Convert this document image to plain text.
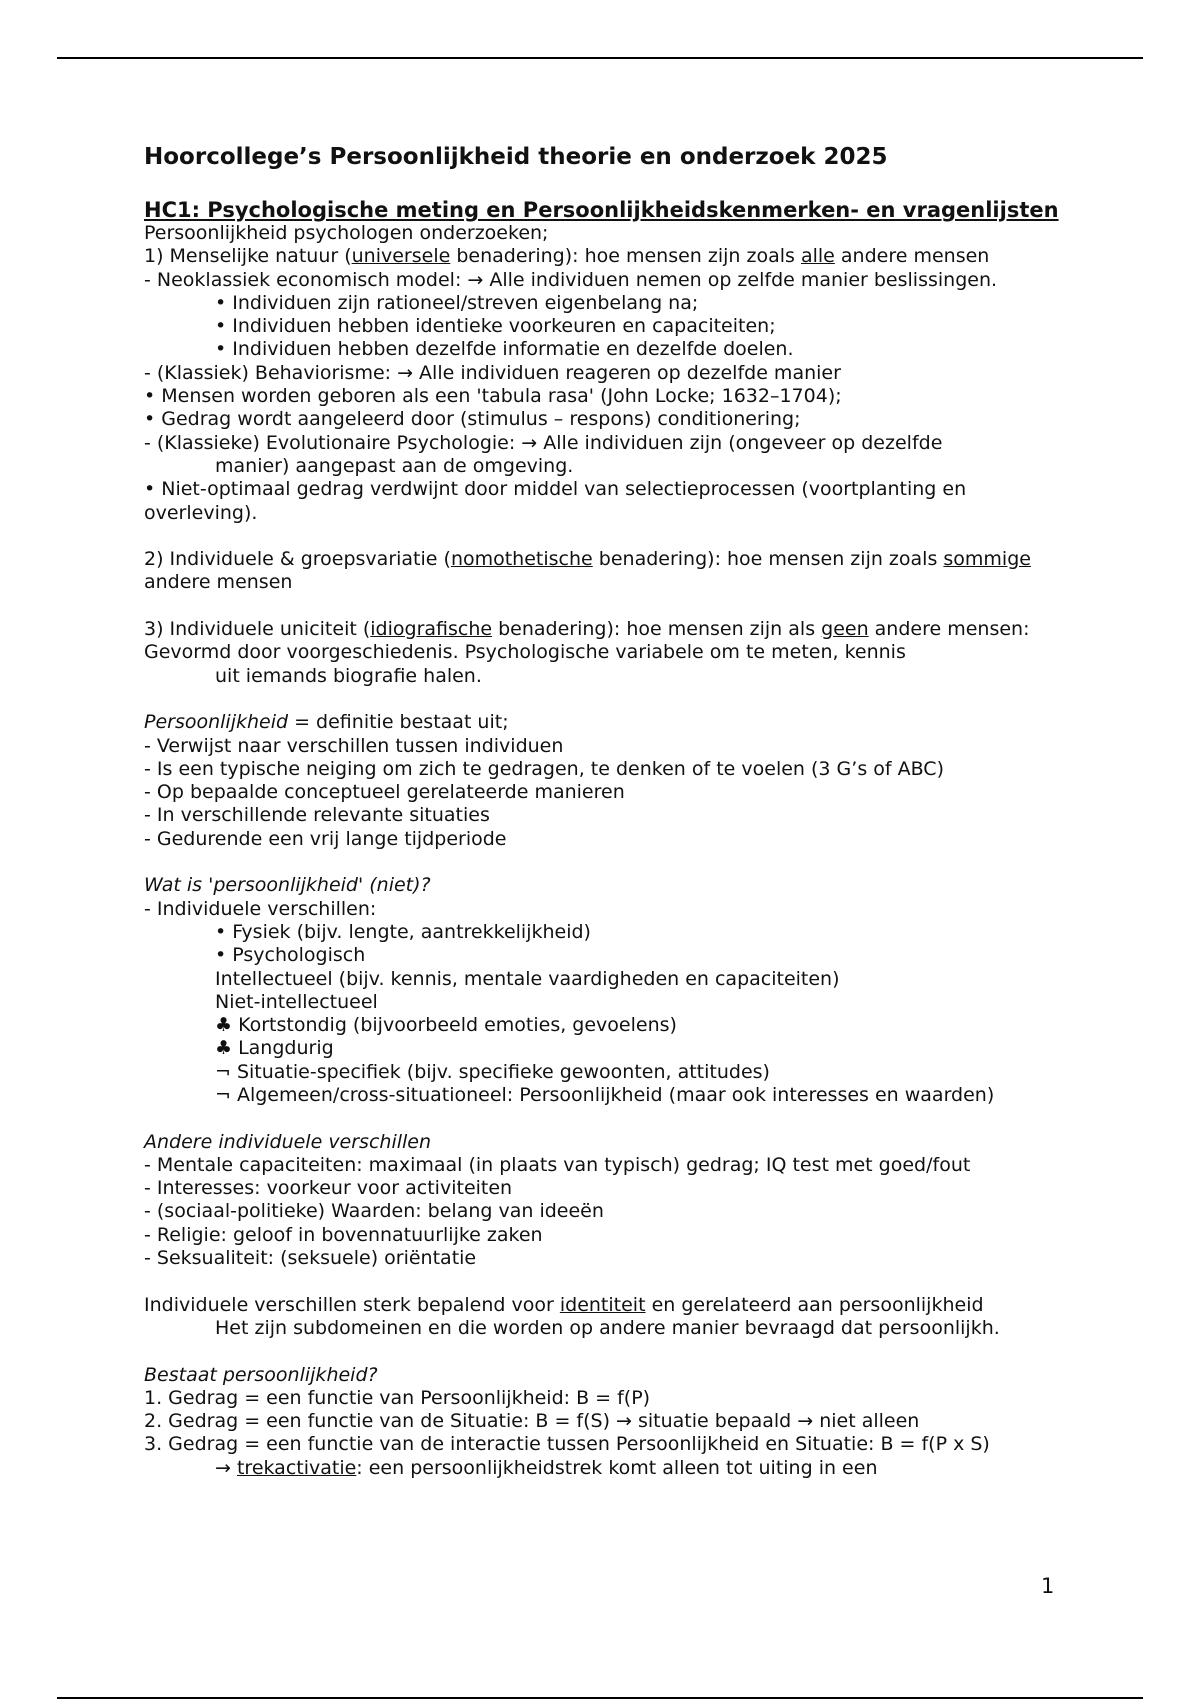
Hoorcollege’s Persoonlijkheid theorie en onderzoek 2025
HC1: Psychologische meting en Persoonlijkheidskenmerken- en vragenlijsten
Persoonlijkheid psychologen onderzoeken;
1) Menselijke natuur (universele benadering): hoe mensen zijn zoals alle andere mensen
- Neoklassiek economisch model: → Alle individuen nemen op zelfde manier beslissingen.
• Individuen zijn rationeel/streven eigenbelang na;
• Individuen hebben identieke voorkeuren en capaciteiten;
• Individuen hebben dezelfde informatie en dezelfde doelen.
- (Klassiek) Behaviorisme: → Alle individuen reageren op dezelfde manier
• Mensen worden geboren als een 'tabula rasa' (John Locke; 1632–1704);
• Gedrag wordt aangeleerd door (stimulus – respons) conditionering;
- (Klassieke) Evolutionaire Psychologie: → Alle individuen zijn (ongeveer op dezelfde
manier) aangepast aan de omgeving.
• Niet-optimaal gedrag verdwijnt door middel van selectieprocessen (voortplanting en overleving).
2) Individuele & groepsvariatie (nomothetische benadering): hoe mensen zijn zoals sommige andere mensen
3) Individuele uniciteit (idiografische benadering): hoe mensen zijn als geen andere mensen: Gevormd door voorgeschiedenis. Psychologische variabele om te meten, kennis
uit iemands biografie halen.
Persoonlijkheid = definitie bestaat uit;
- Verwijst naar verschillen tussen individuen
- Is een typische neiging om zich te gedragen, te denken of te voelen (3 G’s of ABC)
- Op bepaalde conceptueel gerelateerde manieren
- In verschillende relevante situaties
- Gedurende een vrij lange tijdperiode
Wat is 'persoonlijkheid' (niet)?
- Individuele verschillen:
• Fysiek (bijv. lengte, aantrekkelijkheid)
• Psychologisch
Intellectueel (bijv. kennis, mentale vaardigheden en capaciteiten)
Niet-intellectueel
♣ Kortstondig (bijvoorbeeld emoties, gevoelens)
♣ Langdurig
¬ Situatie-specifiek (bijv. specifieke gewoonten, attitudes)
¬ Algemeen/cross-situationeel: Persoonlijkheid (maar ook interesses en waarden)
Andere individuele verschillen
- Mentale capaciteiten: maximaal (in plaats van typisch) gedrag; IQ test met goed/fout
- Interesses: voorkeur voor activiteiten
- (sociaal-politieke) Waarden: belang van ideeën
- Religie: geloof in bovennatuurlijke zaken
- Seksualiteit: (seksuele) oriëntatie
Individuele verschillen sterk bepalend voor identiteit en gerelateerd aan persoonlijkheid
Het zijn subdomeinen en die worden op andere manier bevraagd dat persoonlijkh.
Bestaat persoonlijkheid?
1. Gedrag = een functie van Persoonlijkheid: B = f(P)
2. Gedrag = een functie van de Situatie: B = f(S) → situatie bepaald → niet alleen
3. Gedrag = een functie van de interactie tussen Persoonlijkheid en Situatie: B = f(P x S)
→ trekactivatie: een persoonlijkheidstrek komt alleen tot uiting in een
1
